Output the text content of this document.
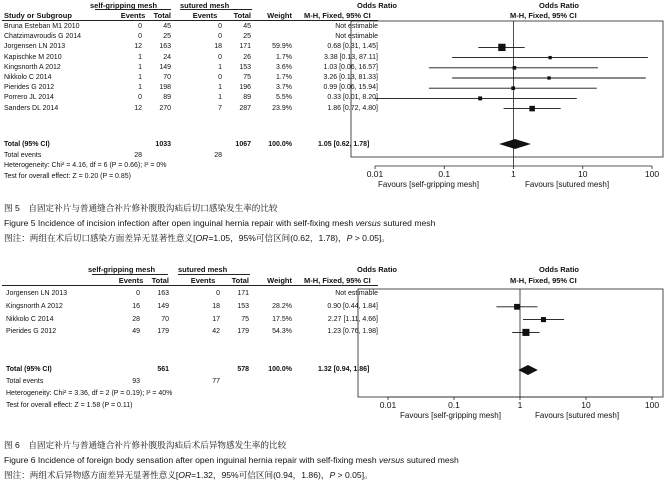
self-gripping mesh	sutured mesh	Odds Ratio	Odds Ratio
Study or Subgroup	Events	Total	Events	Total	Weight M-H, Fixed, 95% CI	M-H, Fixed, 95% CI
Bruna Esteban M1 2010	0	45	0	45	Not estimable
Chatzimavroudis G 2014	0	25	0	25	Not estimable
Jorgensen LN 2013	12	163	18	171	59.9%	0.68 [0.31, 1.45]
Kapischke M 2010	1	24	0	26	1.7%	3.38 [0.13, 87.11]
Kingsnorth A 2012	1	149	1	153	3.6%	1.03 [0.06, 16.57]
Nikkolo C 2014	1	70	0	75	1.7%	3.26 [0.13, 81.33]
Pierides G 2012	1	198	1	196	3.7%	0.99 [0.06, 15.94]
Porrero JL 2014	0	89	1	89	5.5%	0.33 [0.01, 8.20]
Sanders DL 2014	12	270	7	287	23.9%	1.86 [0.72, 4.80]
Total (95% CI)	1033	1067	100.0%	1.05 [0.62, 1.78]
Total events	28	28
Heterogeneity: Chi² = 4.16, df = 6 (P = 0.66); I² = 0%
Test for overall effect: Z = 0.20 (P = 0.85)	0.01	0.1	1	10	100
Favours [self-gripping mesh]	Favours [sutured mesh]
图 5　自固定补片与普通缝合补片修补腹股沟疝后切口感染发生率的比较
Figure 5 Incidence of incision infection after open inguinal hernia repair with self-fixing mesh versus sutured mesh
图注：两组在术后切口感染方面差异无显著性意义[OR=1.05，95%可信区间(0.62，1.78)，P > 0.05]。
self-gripping mesh	sutured mesh	Odds Ratio	Odds Ratio
Events	Total	Events	Total	Weight M-H, Fixed, 95% CI	M-H, Fixed, 95% CI
Jorgensen LN 2013	0	163	0	171	Not estimable
Kingsnorth A 2012	16	149	18	153	28.2%	0.90 [0.44, 1.84]
Nikkolo C 2014	28	70	17	75	17.5%	2.27 [1.11, 4.66]
Pierides G 2012	49	179	42	179	54.3%	1.23 [0.76, 1.98]
Total (95% CI)	561	578	100.0%	1.32 [0.94, 1.86]
Total events	93	77
Heterogeneity: Chi² = 3.36, df = 2 (P = 0.19); I² = 40%
Test for overall effect: Z = 1.58 (P = 0.11)	0.01	0.1	1	10	100
Favours [self-gripping mesh]	Favours [sutured mesh]
图 6　自固定补片与普通缝合补片修补腹股沟疝后术后异物感发生率的比较
Figure 6 Incidence of foreign body sensation after open inguinal hernia repair with self-fixing mesh versus sutured mesh
图注：两组术后异物感方面差异无显著性意义[OR=1.32，95%可信区间(0.94，1.86)，P > 0.05]。
